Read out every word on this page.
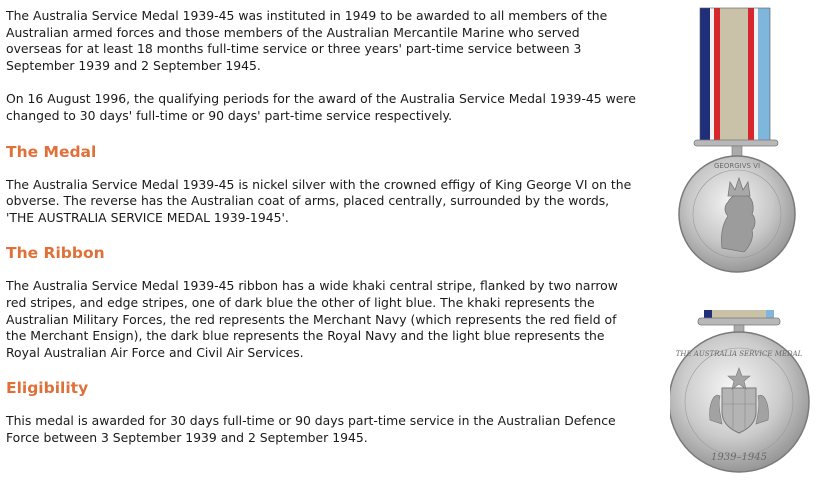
The Australia Service Medal 1939-45 was instituted in 1949 to be awarded to all members of the Australian armed forces and those members of the Australian Mercantile Marine who served overseas for at least 18 months full-time service or three years' part-time service between 3 September 1939 and 2 September 1945.

On 16 August 1996, the qualifying periods for the award of the Australia Service Medal 1939-45 were changed to 30 days' full-time or 90 days' part-time service respectively.

The Medal

The Australia Service Medal 1939-45 is nickel silver with the crowned effigy of King George VI on the obverse. The reverse has the Australian coat of arms, placed centrally, surrounded by the words, 'THE AUSTRALIA SERVICE MEDAL 1939-1945'.

The Ribbon

The Australia Service Medal 1939-45 ribbon has a wide khaki central stripe, flanked by two narrow red stripes, and edge stripes, one of dark blue the other of light blue. The khaki represents the Australian Military Forces, the red represents the Merchant Navy (which represents the red field of the Merchant Ensign), the dark blue represents the Royal Navy and the light blue represents the Royal Australian Air Force and Civil Air Services.

Eligibility

This medal is awarded for 30 days full-time or 90 days part-time service in the Australian Defence Force between 3 September 1939 and 2 September 1945.

GEORGIVS VI
1939–1945
THE AUSTRALIA SERVICE MEDAL
